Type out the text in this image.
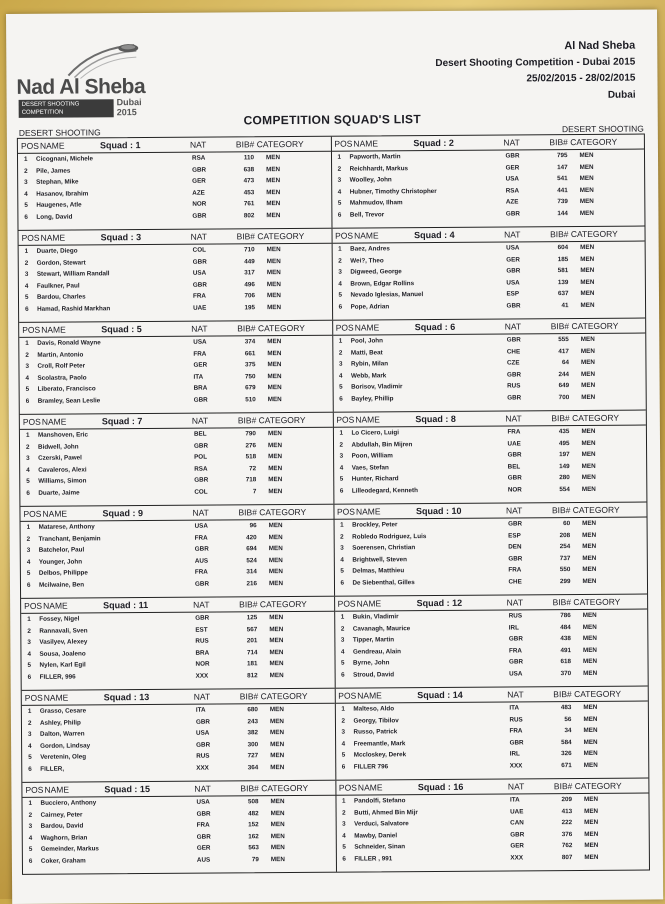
Nad Al Sheba
DESERT SHOOTING
COMPETITION
Dubai
2015
Al Nad Sheba
Desert Shooting Competition - Dubai 2015
25/02/2015 - 28/02/2015
Dubai
COMPETITION SQUAD'S LIST
DESERT SHOOTING	DESERT SHOOTING
POS NAME	Squad : 1	NAT	BIB# CATEGORY
1 Cicognani, Michele	RSA	110 MEN
2 Pile, James	GBR	638 MEN
3 Stephan, Mike	GER	473 MEN
4 Hasanov, Ibrahim	AZE	453 MEN
5 Haugenes, Atle	NOR	761 MEN
6 Long, David	GBR	802 MEN
POS NAME	Squad : 2	NAT	BIB# CATEGORY
1 Papworth, Martin	GBR	795 MEN
2 Reichhardt, Markus	GER	147 MEN
3 Woolley, John	USA	541 MEN
4 Hubner, Timothy Christopher	RSA	441 MEN
5 Mahmudov, Ilham	AZE	739 MEN
6 Bell, Trevor	GBR	144 MEN
POS NAME	Squad : 3	NAT	BIB# CATEGORY
1 Duarte, Diego	COL	710 MEN
2 Gordon, Stewart	GBR	449 MEN
3 Stewart, William Randall	USA	317 MEN
4 Faulkner, Paul	GBR	496 MEN
5 Bardou, Charles	FRA	706 MEN
6 Hamad, Rashid Markhan	UAE	195 MEN
POS NAME	Squad : 4	NAT	BIB# CATEGORY
1 Baez, Andres	USA	604 MEN
2 Wei?, Theo	GER	185 MEN
3 Digweed, George	GBR	581 MEN
4 Brown, Edgar Rollins	USA	139 MEN
5 Nevado Iglesias, Manuel	ESP	637 MEN
6 Pope, Adrian	GBR	41 MEN
POS NAME	Squad : 5	NAT	BIB# CATEGORY
1 Davis, Ronald Wayne	USA	374 MEN
2 Martin, Antonio	FRA	661 MEN
3 Croll, Rolf Peter	GER	375 MEN
4 Scolastra, Paolo	ITA	750 MEN
5 Liberato, Francisco	BRA	679 MEN
6 Bramley, Sean Leslie	GBR	510 MEN
POS NAME	Squad : 6	NAT	BIB# CATEGORY
1 Pool, John	GBR	555 MEN
2 Matti, Beat	CHE	417 MEN
3 Rybin, Milan	CZE	64 MEN
4 Webb, Mark	GBR	244 MEN
5 Borisov, Vladimir	RUS	649 MEN
6 Bayley, Phillip	GBR	700 MEN
POS NAME	Squad : 7	NAT	BIB# CATEGORY
1 Manshoven, Eric	BEL	790 MEN
2 Bidwell, John	GBR	276 MEN
3 Czerski, Pawel	POL	518 MEN
4 Cavaleros, Alexi	RSA	72 MEN
5 Williams, Simon	GBR	718 MEN
6 Duarte, Jaime	COL	7 MEN
POS NAME	Squad : 8	NAT	BIB# CATEGORY
1 Lo Cicero, Luigi	FRA	435 MEN
2 Abdullah, Bin Mijren	UAE	495 MEN
3 Poon, William	GBR	197 MEN
4 Vaes, Stefan	BEL	149 MEN
5 Hunter, Richard	GBR	280 MEN
6 Lilleodegard, Kenneth	NOR	554 MEN
POS NAME	Squad : 9	NAT	BIB# CATEGORY
1 Matarese, Anthony	USA	96 MEN
2 Tranchant, Benjamin	FRA	420 MEN
3 Batchelor, Paul	GBR	694 MEN
4 Younger, John	AUS	524 MEN
5 Delbos, Philippe	FRA	314 MEN
6 Mcilwaine, Ben	GBR	216 MEN
POS NAME	Squad : 10	NAT	BIB# CATEGORY
1 Brockley, Peter	GBR	60 MEN
2 Robledo Rodriguez, Luis	ESP	208 MEN
3 Soerensen, Christian	DEN	254 MEN
4 Brightwell, Steven	GBR	737 MEN
5 Delmas, Matthieu	FRA	550 MEN
6 De Siebenthal, Gilles	CHE	299 MEN
POS NAME	Squad : 11	NAT	BIB# CATEGORY
1 Fossey, Nigel	GBR	125 MEN
2 Rannavali, Sven	EST	567 MEN
3 Vasilyev, Alexey	RUS	201 MEN
4 Sousa, Joaleno	BRA	714 MEN
5 Nylen, Karl Egil	NOR	181 MEN
6 FILLER, 996	XXX	812 MEN
POS NAME	Squad : 12	NAT	BIB# CATEGORY
1 Bukin, Vladimir	RUS	786 MEN
2 Cavanagh, Maurice	IRL	484 MEN
3 Tipper, Martin	GBR	438 MEN
4 Gendreau, Alain	FRA	491 MEN
5 Byrne, John	GBR	618 MEN
6 Stroud, David	USA	370 MEN
POS NAME	Squad : 13	NAT	BIB# CATEGORY
1 Grasso, Cesare	ITA	680 MEN
2 Ashley, Philip	GBR	243 MEN
3 Dalton, Warren	USA	382 MEN
4 Gordon, Lindsay	GBR	300 MEN
5 Veretenin, Oleg	RUS	727 MEN
6 FILLER,	XXX	364 MEN
POS NAME	Squad : 14	NAT	BIB# CATEGORY
1 Malteso, Aldo	ITA	483 MEN
2 Georgy, Tibilov	RUS	56 MEN
3 Russo, Patrick	FRA	34 MEN
4 Freemantle, Mark	GBR	584 MEN
5 Mccloskey, Derek	IRL	326 MEN
6 FILLER 796	XXX	671 MEN
POS NAME	Squad : 15	NAT	BIB# CATEGORY
1 Bucciero, Anthony	USA	508 MEN
2 Cairney, Peter	GBR	482 MEN
3 Bardou, David	FRA	152 MEN
4 Waghorn, Brian	GBR	162 MEN
5 Gemeinder, Markus	GER	563 MEN
6 Coker, Graham	AUS	79 MEN
POS NAME	Squad : 16	NAT	BIB# CATEGORY
1 Pandolfi, Stefano	ITA	209 MEN
2 Butti, Ahmed Bin Mijr	UAE	413 MEN
3 Verduci, Salvatore	CAN	222 MEN
4 Mawby, Daniel	GBR	376 MEN
5 Schneider, Sinan	GER	762 MEN
6 FILLER , 991	XXX	807 MEN
